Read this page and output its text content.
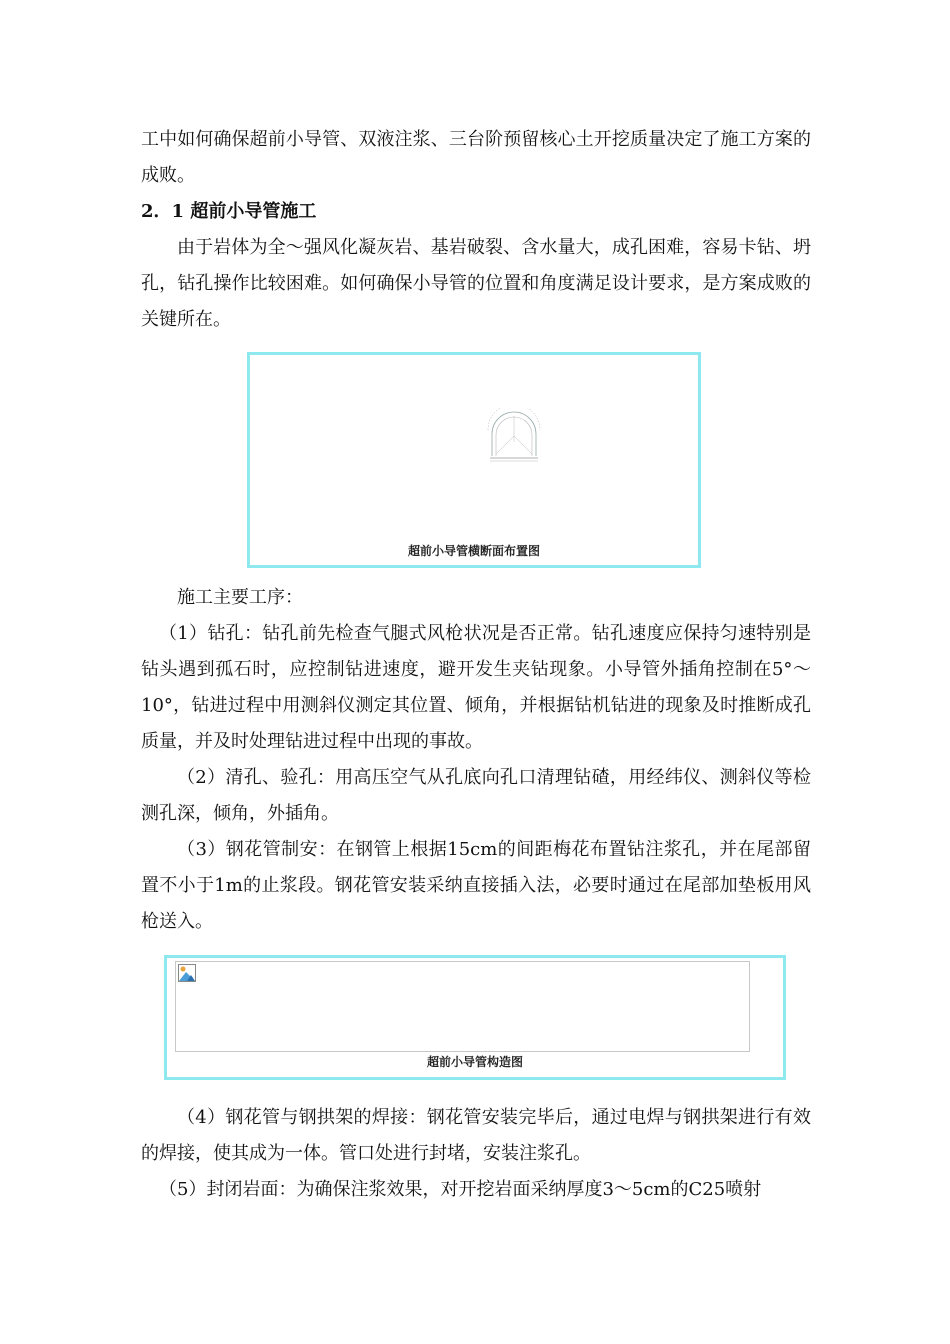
工中如何确保超前小导管、双液注浆、三台阶预留核心土开挖质量决定了施工方案的成败。

2．1 超前小导管施工

由于岩体为全～强风化凝灰岩、基岩破裂、含水量大，成孔困难，容易卡钻、坍孔，钻孔操作比较困难。如何确保小导管的位置和角度满足设计要求，是方案成败的关键所在。

超前小导管横断面布置图

施工主要工序：

（1）钻孔：钻孔前先检查气腿式风枪状况是否正常。钻孔速度应保持匀速特别是钻头遇到孤石时，应控制钻进速度，避开发生夹钻现象。小导管外插角控制在5°～10°，钻进过程中用测斜仪测定其位置、倾角，并根据钻机钻进的现象及时推断成孔质量，并及时处理钻进过程中出现的事故。

（2）清孔、验孔：用高压空气从孔底向孔口清理钻碴，用经纬仪、测斜仪等检测孔深，倾角，外插角。

（3）钢花管制安：在钢管上根据15cm的间距梅花布置钻注浆孔，并在尾部留置不小于1m的止浆段。钢花管安装采纳直接插入法，必要时通过在尾部加垫板用风枪送入。

超前小导管构造图

（4）钢花管与钢拱架的焊接：钢花管安装完毕后，通过电焊与钢拱架进行有效的焊接，使其成为一体。管口处进行封堵，安装注浆孔。

（5）封闭岩面：为确保注浆效果，对开挖岩面采纳厚度3～5cm的C25喷射
